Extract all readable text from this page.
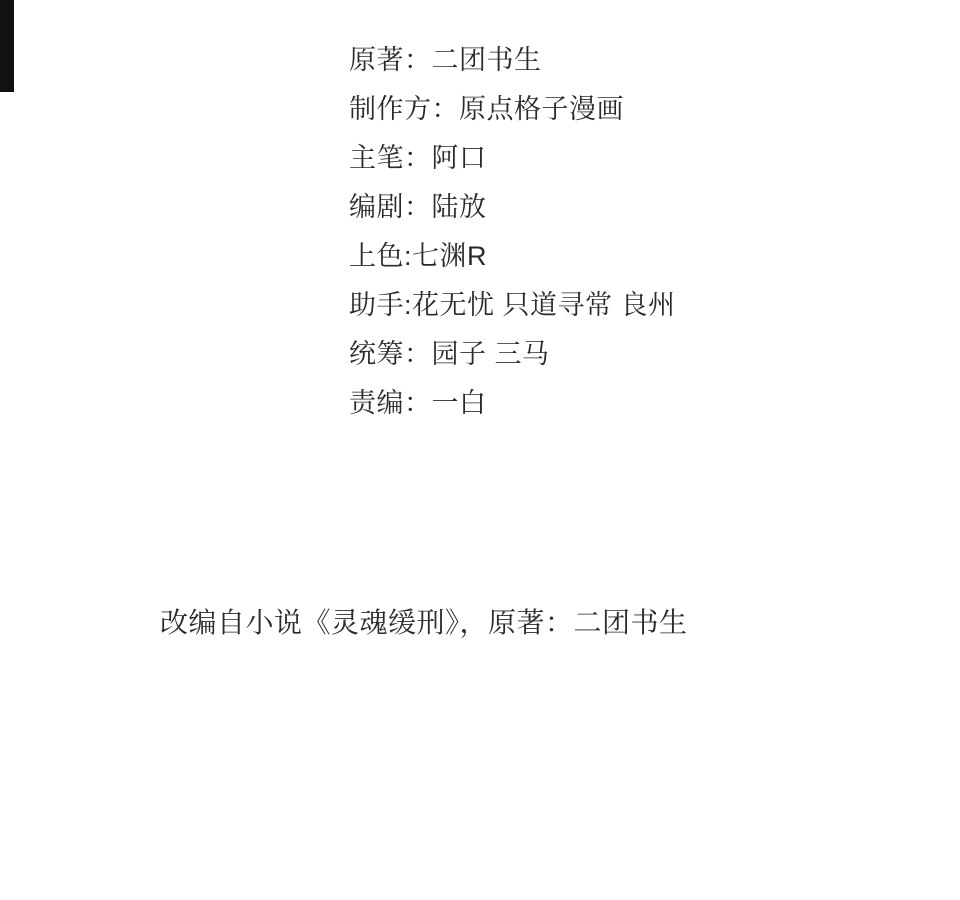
原著：二团书生
制作方：原点格子漫画
主笔：阿口
编剧：陆放
上色:七渊R
助手:花无忧 只道寻常 良州
统筹：园子 三马
责编：一白
改编自小说《灵魂缓刑》，原著：二团书生
